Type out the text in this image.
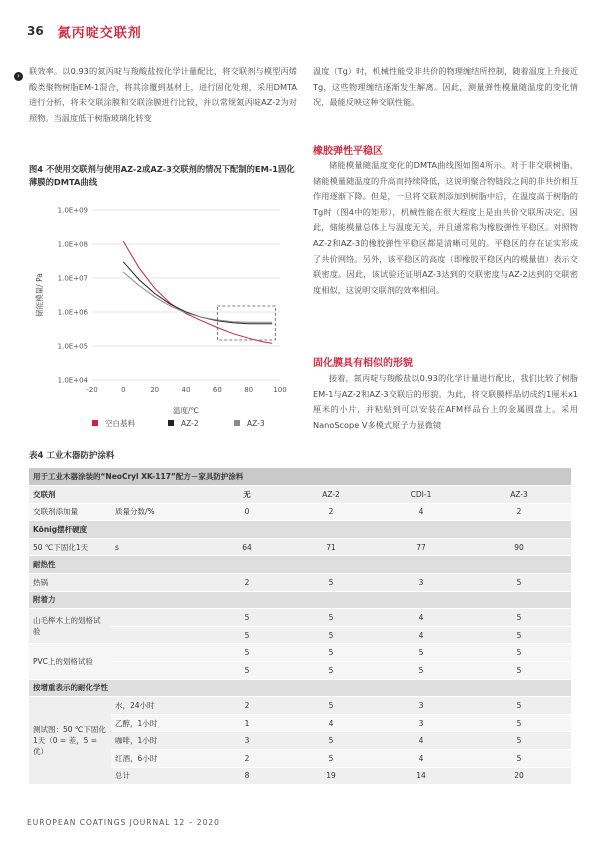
36 氮丙啶交联剂
›	联效率。以0.93的氮丙啶与羧酸盐按化学计量配比，将交联剂与模型丙烯酸类聚物树脂EM-1混合，将其涂覆到基材上，进行固化处理，采用DMTA进行分析，将未交联涂膜和交联涂膜进行比较，并以常规氮丙啶AZ-2为对照物。当温度低于树脂玻璃化转变

温度（Tg）时，机械性能受非共价的物理缠结所控制，随着温度上升接近Tg，这些物理缠结逐渐发生解离。因此，测量弹性模量随温度的变化情况，最能反映这种交联性能。

橡胶弹性平稳区

储能模量随温度变化的DMTA曲线图如图4所示。对于非交联树脂，储能模量随温度的升高而持续降低，这说明聚合物链段之间的非共价相互作用逐渐下降。但是，一旦将交联剂添加到树脂中后，在温度高于树脂的Tg时（图4中的矩形），机械性能在很大程度上是由共价交联所决定。因此，储能模量总体上与温度无关，并且通常称为橡胶弹性平稳区。对照物AZ-2和AZ-3的橡胶弹性平稳区都是清晰可见的。平稳区的存在证实形成了共价网络。另外，该平稳区的高度（即橡胶平稳区内的模量值）表示交联密度。因此，该试验还证明AZ-3达到的交联密度与AZ-2达到的交联密度相似，这说明交联剂的效率相同。

固化膜具有相似的形貌

接着，氮丙啶与羧酸盐以0.93的化学计量进行配比，我们比较了树脂EM-1与AZ-2和AZ-3交联后的形貌。为此，将交联膜样品切成约1厘米x1厘米的小片，并粘贴到可以安装在AFM样品台上的金属圆盘上。采用NanoScope V多模式原子力显微镜

图4 不使用交联剂与使用AZ-2或AZ-3交联剂的情况下配制的EM-1固化薄膜的DMTA曲线
1.0E+04
1.0E+05
1.0E+06
1.0E+07
1.0E+08
1.0E+09
-20	0	20	40	60	80	100
温度/℃
储能模量/ Pa
空白基料	AZ-2	AZ-3
表4 工业木器防护涂料
用于工业木器涂装的“NeoCryl XK-117”配方－家具防护涂料					
交联剂		无	AZ-2	CDI-1	AZ-3
交联剂添加量	质量分数/%	0	2	4	2
König摆杆硬度					
50 ℃下固化1天	s	64	71	77	90
耐热性					
热锅		2	5	3	5
附着力					
山毛榉木上的划格试验		5	5	4	5
		5	5	4	5
PVC上的划格试验		5	5	5	5
		5	5	5	5
按增重表示的耐化学性					
测试图：50 ℃下固化1天（0 = 差，5 = 优）	水，24小时	2	5	3	5
	乙醇，1小时	1	4	3	5
	咖啡，1小时	3	5	4	5
	红酒，6小时	2	5	4	5
	总计	8	19	14	20
EUROPEAN COATINGS JOURNAL 12 – 2020
